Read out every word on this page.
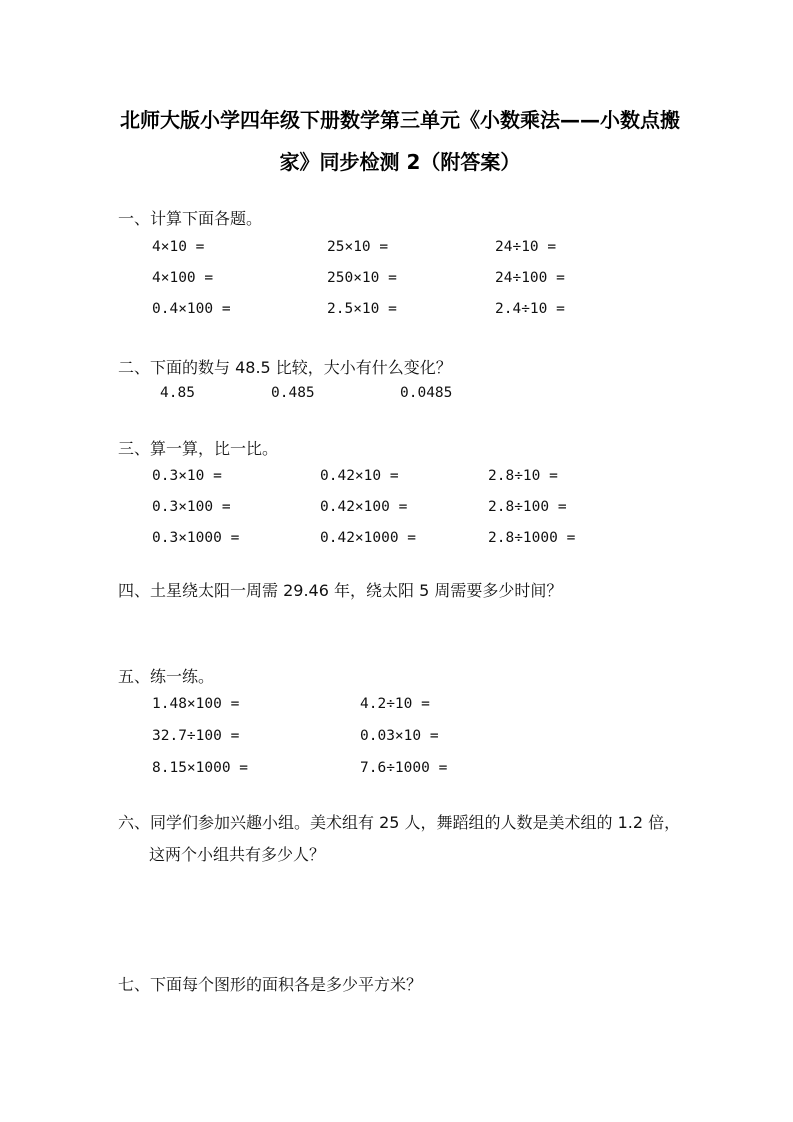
北师大版小学四年级下册数学第三单元《小数乘法——小数点搬
家》同步检测 2（附答案）
一、计算下面各题。
4×10 =	25×10 =	24÷10 =
4×100 =	250×10 =	24÷100 =
0.4×100 =	2.5×10 =	2.4÷10 =
二、下面的数与 48.5 比较，大小有什么变化？
4.85	0.485	0.0485
三、算一算，比一比。
0.3×10 =	0.42×10 =	2.8÷10 =
0.3×100 =	0.42×100 =	2.8÷100 =
0.3×1000 =	0.42×1000 =	2.8÷1000 =
四、土星绕太阳一周需 29.46 年，绕太阳 5 周需要多少时间？
五、练一练。
1.48×100 =	4.2÷10 =
32.7÷100 =	0.03×10 =
8.15×1000 =	7.6÷1000 =
六、同学们参加兴趣小组。美术组有 25 人，舞蹈组的人数是美术组的 1.2 倍，
这两个小组共有多少人？
七、下面每个图形的面积各是多少平方米？
